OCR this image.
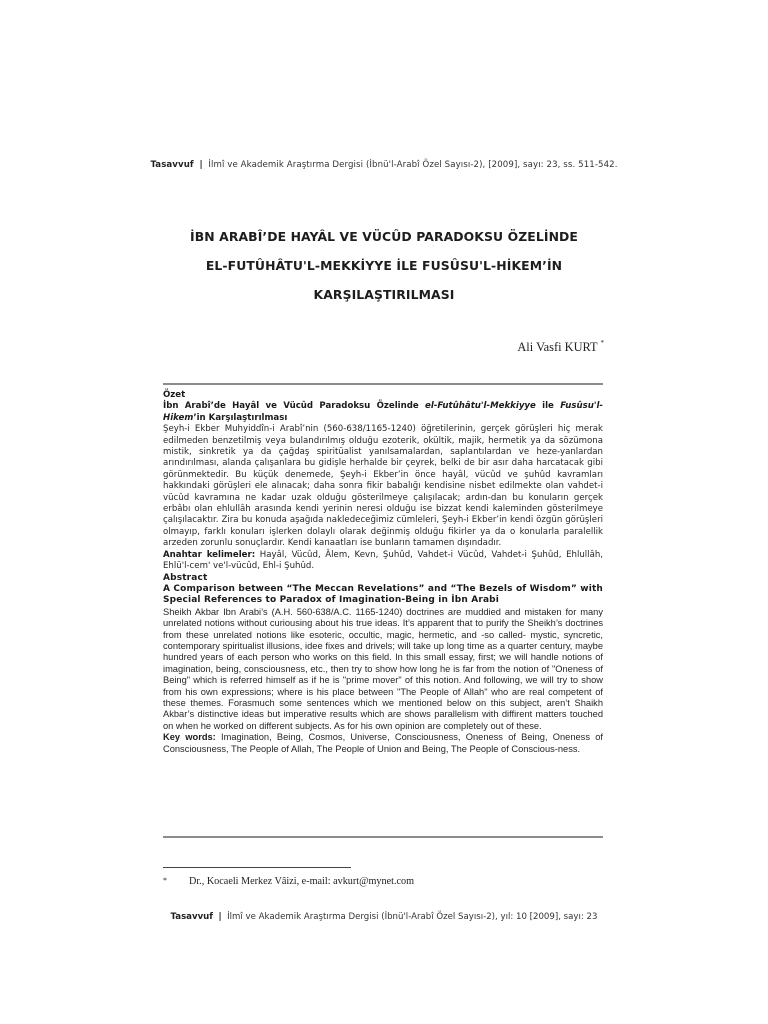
Tasavvuf | İlmî ve Akademik Araştırma Dergisi (İbnü'l-Arabî Özel Sayısı-2), [2009], sayı: 23, ss. 511-542.
İBN ARABÎ’DE HAYÂL VE VÜCÛD PARADOKSU ÖZELİNDE
EL-FUTÛHÂTU'L-MEKKİYYE İLE FUSÛSU'L-HİKEM’İN
KARŞILAŞTIRILMASI
Ali Vasfi KURT *

Özet

İbn Arabî’de Hayâl ve Vücûd Paradoksu Özelinde el-Futûhâtu'l-Mekkiyye ile Fusûsu'l-Hikem’in Karşılaştırılması

Şeyh-i Ekber Muhyiddîn-i Arabî’nin (560-638/1165-1240) öğretilerinin, gerçek görüşleri hiç merak edilmeden benzetilmiş veya bulandırılmış olduğu ezoterik, okültik, majik, hermetik ya da sözümona mistik, sinkretik ya da çağdaş spiritüalist yanılsamalardan, saplantılardan ve heze-yanlardan arındırılması, alanda çalışanlara bu gidişle herhalde bir çeyrek, belki de bir asır daha harcatacak gibi görünmektedir. Bu küçük denemede, Şeyh-i Ekber’in önce hayâl, vücûd ve şuhûd kavramları hakkındaki görüşleri ele alınacak; daha sonra fikir babalığı kendisine nisbet edilmekte olan vahdet-i vücûd kavramına ne kadar uzak olduğu gösterilmeye çalışılacak; ardın-dan bu konuların gerçek erbâbı olan ehlullâh arasında kendi yerinin neresi olduğu ise bizzat kendi kaleminden gösterilmeye çalışılacaktır. Zira bu konuda aşağıda nakledeceğimiz cümleleri, Şeyh-i Ekber’in kendi özgün görüşleri olmayıp, farklı konuları işlerken dolaylı olarak değinmiş olduğu fikirler ya da o konularla paralellik arzeden zorunlu sonuçlardır. Kendi kanaatları ise bunların tamamen dışındadır.

Anahtar kelimeler: Hayâl, Vücûd, Âlem, Kevn, Şuhûd, Vahdet-i Vücûd, Vahdet-i Şuhûd, Ehlullâh, Ehlü'l-cem' ve'l-vücûd, Ehl-i Şuhûd.

Abstract

A Comparison between “The Meccan Revelations” and “The Bezels of Wisdom” with Special References to Paradox of Imagination-Being in İbn Arabi

Sheikh Akbar Ibn Arabi’s (A.H. 560-638/A.C. 1165-1240) doctrines are muddied and mistaken for many unrelated notions without curiousing about his true ideas. It’s apparent that to purify the Sheikh’s doctrines from these unrelated notions like esoteric, occultic, magic, hermetic, and -so called- mystic, syncretic, contemporary spiritualist illusions, idee fixes and drivels; will take up long time as a quarter century, maybe hundred years of each person who works on this field. In this small essay, first; we will handle notions of imagination, being, consciousness, etc., then try to show how long he is far from the notion of "Oneness of Being" which is referred himself as if he is "prime mover" of this notion. And following, we will try to show from his own expressions; where is his place between "The People of Allah" who are real competent of these themes. Forasmuch some sentences which we mentioned below on this subject, aren’t Shaikh Akbar’s distinctive ideas but imperative results which are shows parallelism with diffirent matters touched on when he worked on different subjects. As for his own opinion are completely out of these.

Key words: Imagination, Being, Cosmos, Universe, Consciousness, Oneness of Being, Oneness of Consciousness, The People of Allah, The People of Union and Being, The People of Conscious-ness.

* Dr., Kocaeli Merkez Vâizi, e-mail: avkurt@mynet.com
Tasavvuf | İlmî ve Akademik Araştırma Dergisi (İbnü'l-Arabî Özel Sayısı-2), yıl: 10 [2009], sayı: 23
